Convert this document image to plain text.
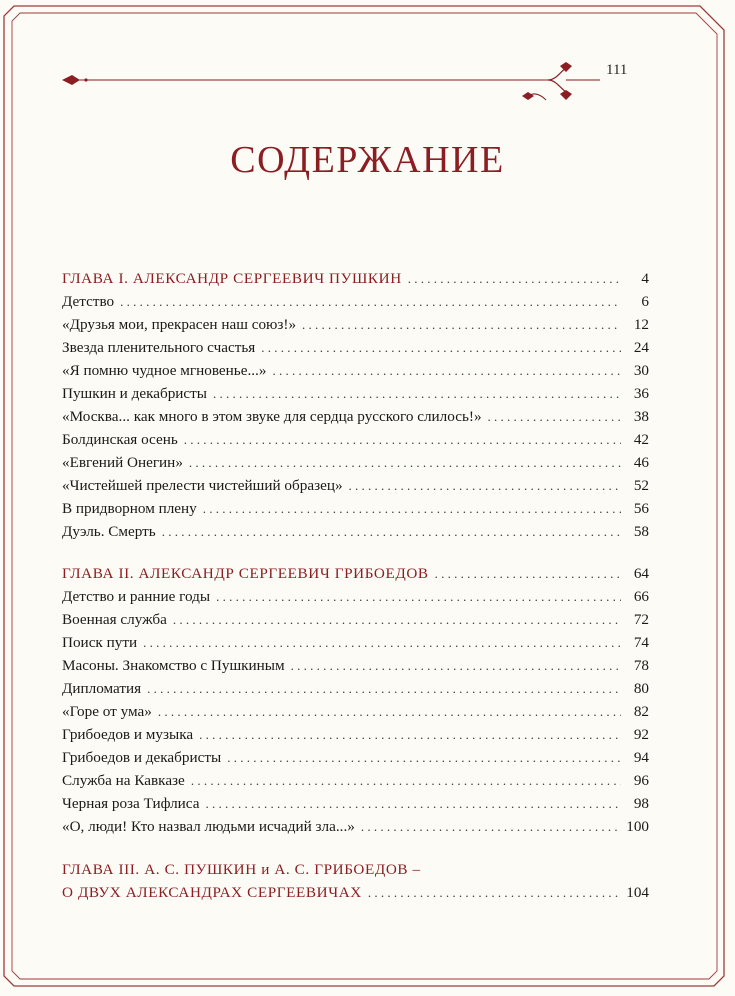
111
СОДЕРЖАНИЕ
ГЛАВА I. АЛЕКСАНДР СЕРГЕЕВИЧ ПУШКИН . . .	4
Детство . . .	6
«Друзья мои, прекрасен наш союз!» . . .	12
Звезда пленительного счастья . . .	24
«Я помню чудное мгновенье...» . . .	30
Пушкин и декабристы . . .	36
«Москва... как много в этом звуке для сердца русского слилось!» . . .	38
Болдинская осень . . .	42
«Евгений Онегин» . . .	46
«Чистейшей прелести чистейший образец» . . .	52
В придворном плену . . .	56
Дуэль. Смерть . . .	58
ГЛАВА II. АЛЕКСАНДР СЕРГЕЕВИЧ ГРИБОЕДОВ . . .	64
Детство и ранние годы . . .	66
Военная служба . . .	72
Поиск пути . . .	74
Масоны. Знакомство с Пушкиным . . .	78
Дипломатия . . .	80
«Горе от ума» . . .	82
Грибоедов и музыка . . .	92
Грибоедов и декабристы . . .	94
Служба на Кавказе . . .	96
Черная роза Тифлиса . . .	98
«О, люди! Кто назвал людьми исчадий зла...» . . .	100
ГЛАВА III. А. С. ПУШКИН и А. С. ГРИБОЕДОВ –
О ДВУХ АЛЕКСАНДРАХ СЕРГЕЕВИЧАХ . . .	104
